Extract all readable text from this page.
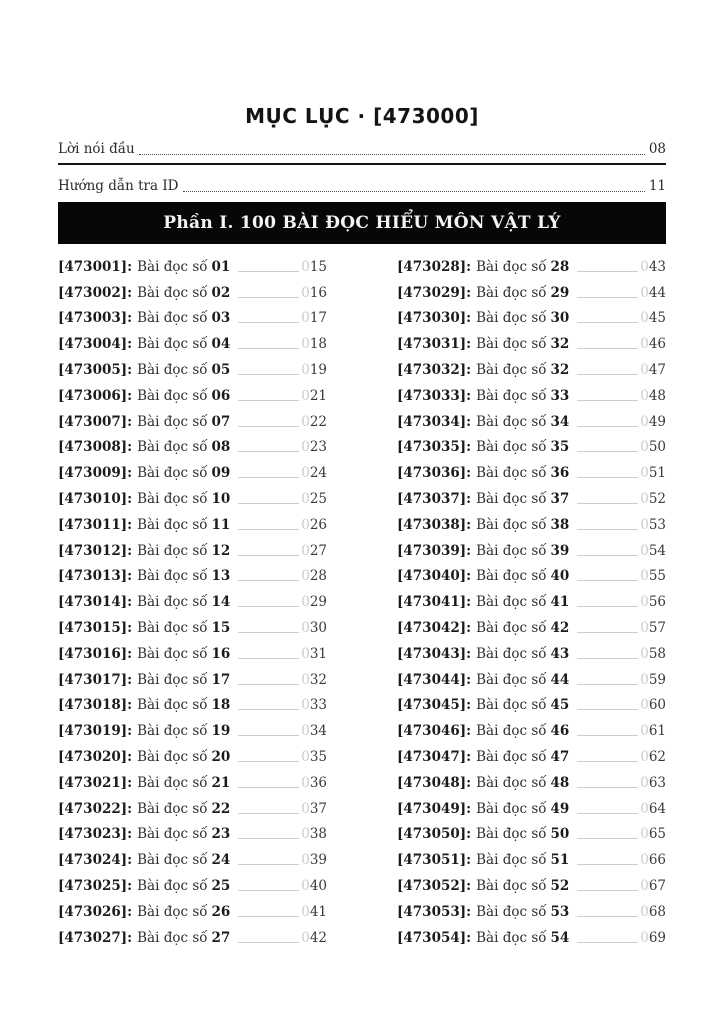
MỤC LỤC · [473000]
Lời nói đầu	08
Hướng dẫn tra ID	11
Phần I. 100 BÀI ĐỌC HIỂU MÔN VẬT LÝ
[473001]: Bài đọc số 01	015
[473002]: Bài đọc số 02	016
[473003]: Bài đọc số 03	017
[473004]: Bài đọc số 04	018
[473005]: Bài đọc số 05	019
[473006]: Bài đọc số 06	021
[473007]: Bài đọc số 07	022
[473008]: Bài đọc số 08	023
[473009]: Bài đọc số 09	024
[473010]: Bài đọc số 10	025
[473011]: Bài đọc số 11	026
[473012]: Bài đọc số 12	027
[473013]: Bài đọc số 13	028
[473014]: Bài đọc số 14	029
[473015]: Bài đọc số 15	030
[473016]: Bài đọc số 16	031
[473017]: Bài đọc số 17	032
[473018]: Bài đọc số 18	033
[473019]: Bài đọc số 19	034
[473020]: Bài đọc số 20	035
[473021]: Bài đọc số 21	036
[473022]: Bài đọc số 22	037
[473023]: Bài đọc số 23	038
[473024]: Bài đọc số 24	039
[473025]: Bài đọc số 25	040
[473026]: Bài đọc số 26	041
[473027]: Bài đọc số 27	042
[473028]: Bài đọc số 28	043
[473029]: Bài đọc số 29	044
[473030]: Bài đọc số 30	045
[473031]: Bài đọc số 32	046
[473032]: Bài đọc số 32	047
[473033]: Bài đọc số 33	048
[473034]: Bài đọc số 34	049
[473035]: Bài đọc số 35	050
[473036]: Bài đọc số 36	051
[473037]: Bài đọc số 37	052
[473038]: Bài đọc số 38	053
[473039]: Bài đọc số 39	054
[473040]: Bài đọc số 40	055
[473041]: Bài đọc số 41	056
[473042]: Bài đọc số 42	057
[473043]: Bài đọc số 43	058
[473044]: Bài đọc số 44	059
[473045]: Bài đọc số 45	060
[473046]: Bài đọc số 46	061
[473047]: Bài đọc số 47	062
[473048]: Bài đọc số 48	063
[473049]: Bài đọc số 49	064
[473050]: Bài đọc số 50	065
[473051]: Bài đọc số 51	066
[473052]: Bài đọc số 52	067
[473053]: Bài đọc số 53	068
[473054]: Bài đọc số 54	069
